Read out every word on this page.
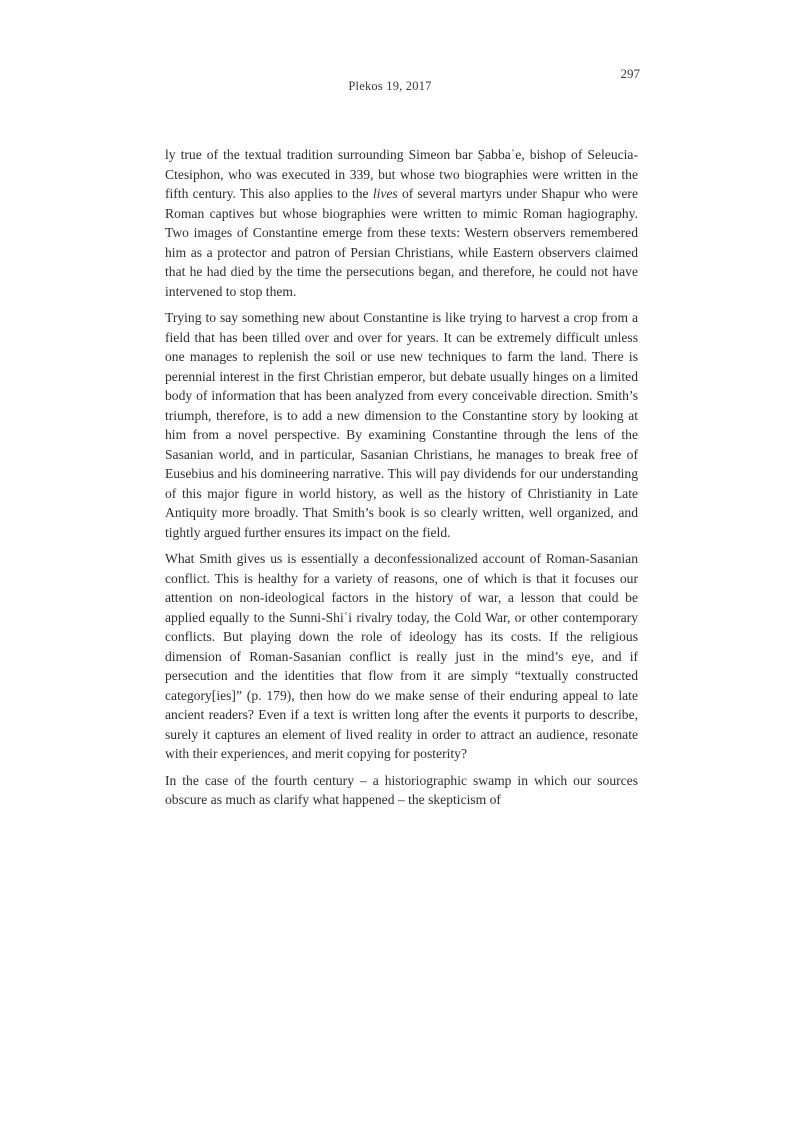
Plekos 19, 2017
297

ly true of the textual tradition surrounding Simeon bar Ṣabbaʿe, bishop of Seleucia-Ctesiphon, who was executed in 339, but whose two biographies were written in the fifth century. This also applies to the lives of several martyrs under Shapur who were Roman captives but whose biographies were written to mimic Roman hagiography. Two images of Constantine emerge from these texts: Western observers remembered him as a protector and patron of Persian Christians, while Eastern observers claimed that he had died by the time the persecutions began, and therefore, he could not have intervened to stop them.

Trying to say something new about Constantine is like trying to harvest a crop from a field that has been tilled over and over for years. It can be extremely difficult unless one manages to replenish the soil or use new techniques to farm the land. There is perennial interest in the first Christian emperor, but debate usually hinges on a limited body of information that has been analyzed from every conceivable direction. Smith’s triumph, therefore, is to add a new dimension to the Constantine story by looking at him from a novel perspective. By examining Constantine through the lens of the Sasanian world, and in particular, Sasanian Christians, he manages to break free of Eusebius and his domineering narrative. This will pay dividends for our understanding of this major figure in world history, as well as the history of Christianity in Late Antiquity more broadly. That Smith’s book is so clearly written, well organized, and tightly argued further ensures its impact on the field.

What Smith gives us is essentially a deconfessionalized account of Roman-Sasanian conflict. This is healthy for a variety of reasons, one of which is that it focuses our attention on non-ideological factors in the history of war, a lesson that could be applied equally to the Sunni-Shiʿi rivalry today, the Cold War, or other contemporary conflicts. But playing down the role of ideology has its costs. If the religious dimension of Roman-Sasanian conflict is really just in the mind’s eye, and if persecution and the identities that flow from it are simply “textually constructed category[ies]” (p. 179), then how do we make sense of their enduring appeal to late ancient readers? Even if a text is written long after the events it purports to describe, surely it captures an element of lived reality in order to attract an audience, resonate with their experiences, and merit copying for posterity?

In the case of the fourth century – a historiographic swamp in which our sources obscure as much as clarify what happened – the skepticism of
